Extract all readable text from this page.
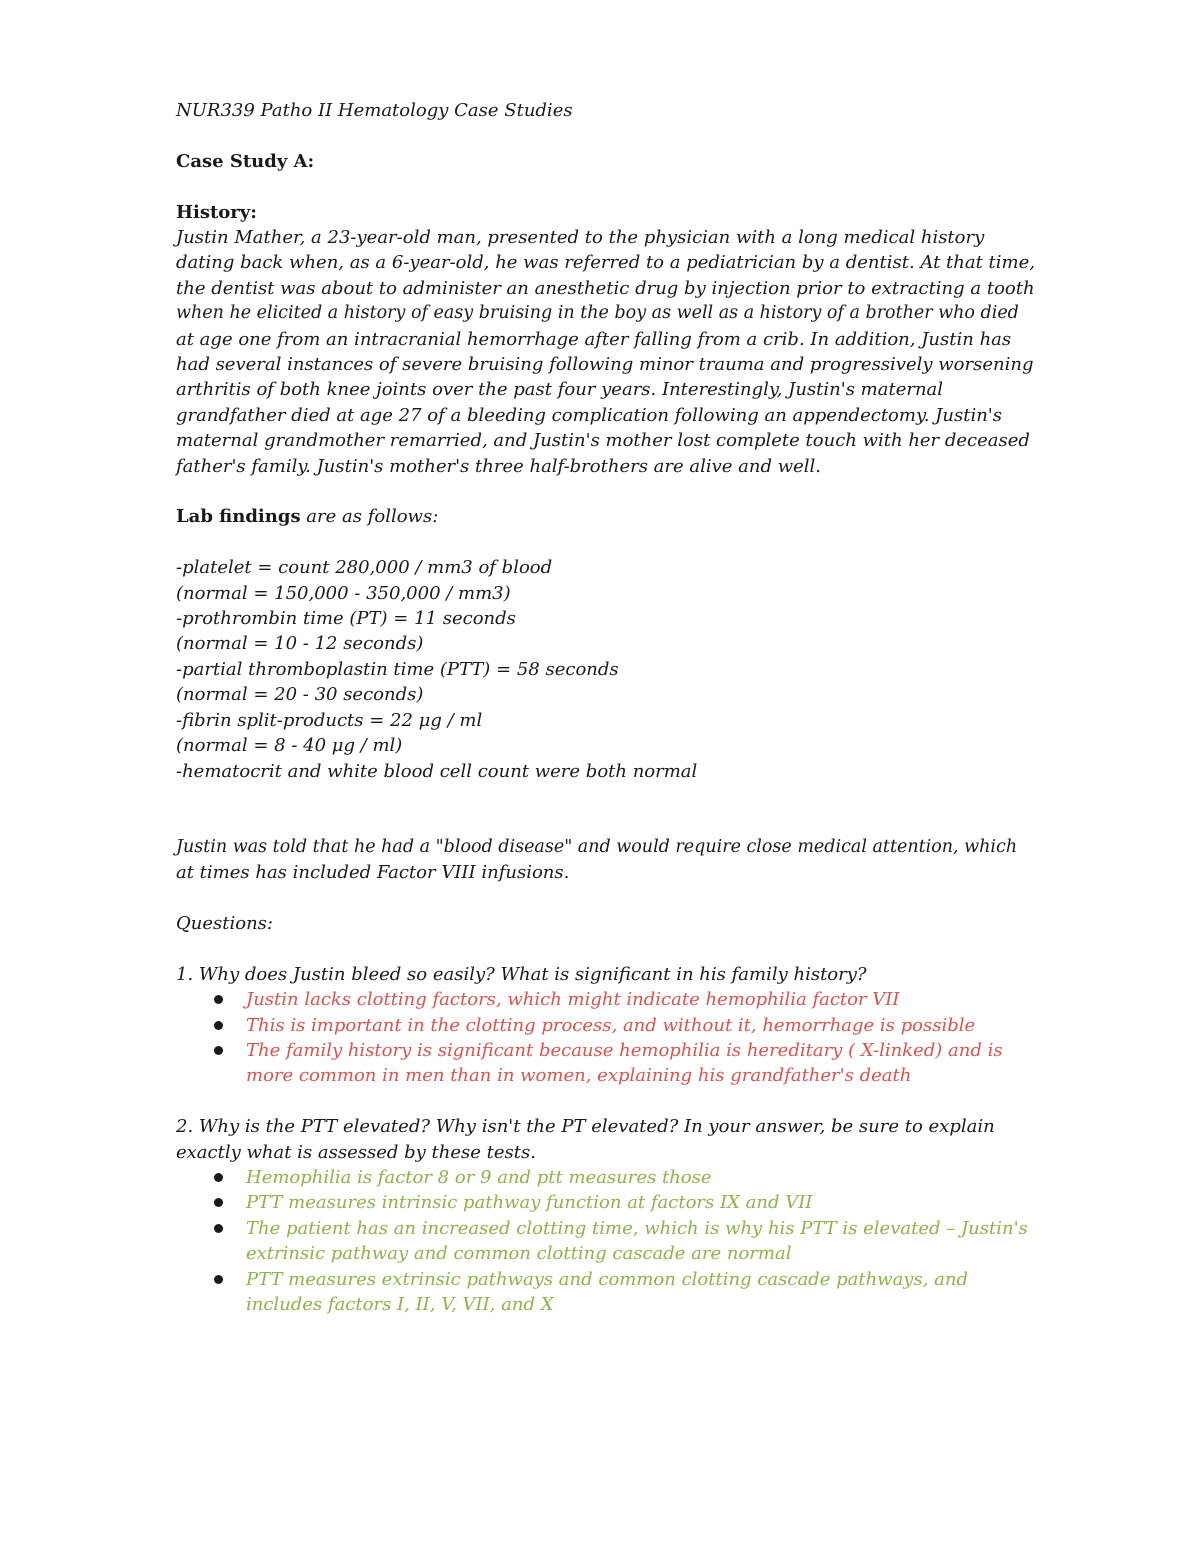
NUR339 Patho II Hematology Case Studies
Case Study A:
History:
Justin Mather, a 23-year-old man, presented to the physician with a long medical history
dating back when, as a 6-year-old, he was referred to a pediatrician by a dentist. At that time,
the dentist was about to administer an anesthetic drug by injection prior to extracting a tooth
when he elicited a history of easy bruising in the boy as well as a history of a brother who died
at age one from an intracranial hemorrhage after falling from a crib. In addition, Justin has
had several instances of severe bruising following minor trauma and progressively worsening
arthritis of both knee joints over the past four years. Interestingly, Justin's maternal
grandfather died at age 27 of a bleeding complication following an appendectomy. Justin's
maternal grandmother remarried, and Justin's mother lost complete touch with her deceased
father's family. Justin's mother's three half-brothers are alive and well.
Lab findings are as follows:
-platelet = count 280,000 / mm3 of blood
(normal = 150,000 - 350,000 / mm3)
-prothrombin time (PT) = 11 seconds
(normal = 10 - 12 seconds)
-partial thromboplastin time (PTT) = 58 seconds
(normal = 20 - 30 seconds)
-fibrin split-products = 22 μg / ml
(normal = 8 - 40 μg / ml)
-hematocrit and white blood cell count were both normal
Justin was told that he had a "blood disease" and would require close medical attention, which
at times has included Factor VIII infusions.
Questions:
1. Why does Justin bleed so easily? What is significant in his family history?
Justin lacks clotting factors, which might indicate hemophilia factor VII
This is important in the clotting process, and without it, hemorrhage is possible
The family history is significant because hemophilia is hereditary ( X-linked) and is
more common in men than in women, explaining his grandfather's death
2. Why is the PTT elevated? Why isn't the PT elevated? In your answer, be sure to explain
exactly what is assessed by these tests.
Hemophilia is factor 8 or 9 and ptt measures those
PTT measures intrinsic pathway function at factors IX and VII
The patient has an increased clotting time, which is why his PTT is elevated – Justin's
extrinsic pathway and common clotting cascade are normal
PTT measures extrinsic pathways and common clotting cascade pathways, and
includes factors I, II, V, VII, and X
